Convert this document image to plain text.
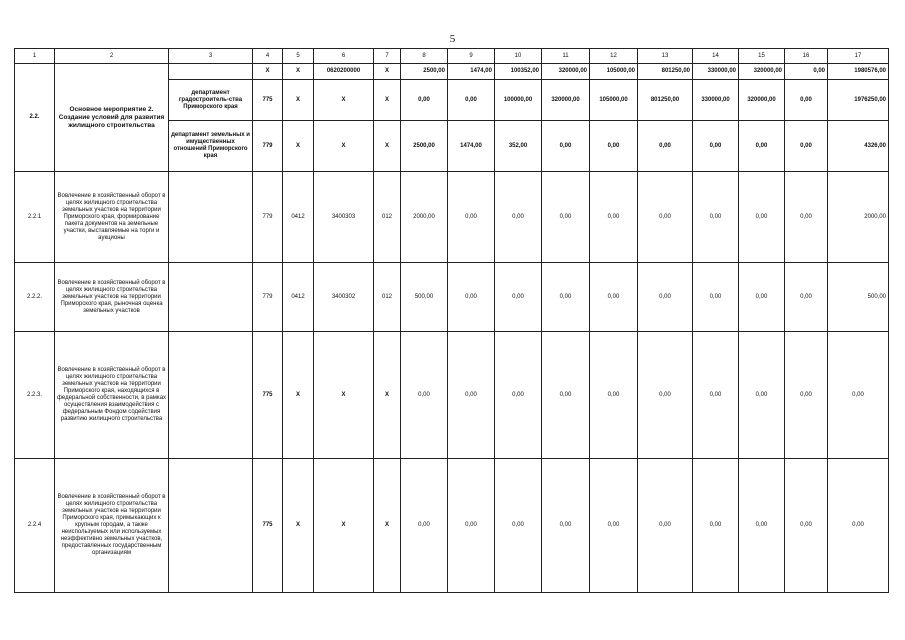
5
1	2	3	4	5	6	7	8	9	10	11	12	13	14	15	16	17
2.2.	Основное мероприятие 2. Создание условий для развития жилищного строительства		X	X	0620200000	X	2500,00	1474,00	100352,00	320000,00	105000,00	801250,00	330000,00	320000,00	0,00	1980576,00
		департамент градостроитель-ства Приморского края	775	X	X	X	0,00	0,00	100000,00	320000,00	105000,00	801250,00	330000,00	320000,00	0,00	1976250,00
		департамент земельных и имущественных отношений Приморского края	779	X	X	X	2500,00	1474,00	352,00	0,00	0,00	0,00	0,00	0,00	0,00	4326,00
2.2.1	Вовлечение в хозяйственный оборот в целях жилищного строительства земельных участков на территории Приморского края, формирование пакета документов на земельные участки, выставляемые на торги и аукционы		779	0412	3400303	012	2000,00	0,00	0,00	0,00	0,00	0,00	0,00	0,00	0,00	2000,00
2.2.2.	Вовлечение в хозяйственный оборот в целях жилищного строительства земельных участков на территории Приморского края, рыночная оценка земельных участков		779	0412	3400302	012	500,00	0,00	0,00	0,00	0,00	0,00	0,00	0,00	0,00	500,00
2.2.3.	Вовлечение в хозяйственный оборот в целях жилищного строительства земельных участков на территории Приморского края, находящихся в федеральной собственности, в рамках осуществления взаимодействия с федеральным Фондом содействия развитию жилищного строительства		775	X	X	X	0,00	0,00	0,00	0,00	0,00	0,00	0,00	0,00	0,00	0,00
2.2.4	Вовлечение в хозяйственный оборот в целях жилищного строительства земельных участков на территории Приморского края, примыкающих к крупным городам, а также неиспользуемых или используемых неэффективно земельных участков, предоставленных государственным организациям		775	X	X	X	0,00	0,00	0,00	0,00	0,00	0,00	0,00	0,00	0,00	0,00
